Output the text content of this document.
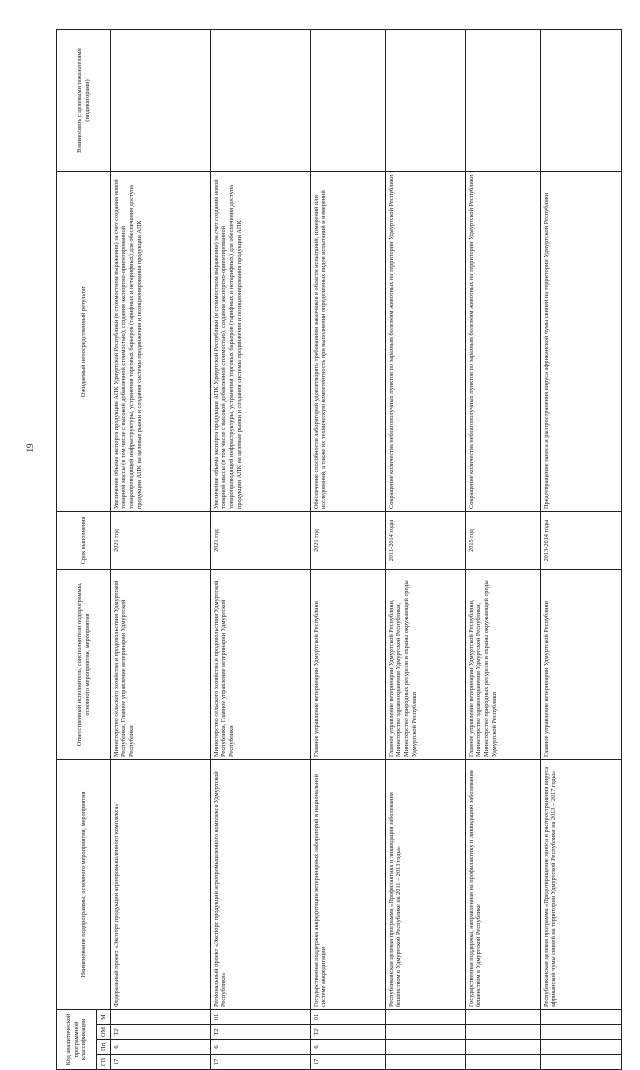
19
Код аналитической программной классификации				Наименование подпрограммы, основного мероприятия, мероприятия	Ответственный исполнитель, соисполнители подпрограммы, основного мероприятия, мероприятия	Срок выполнения	Ожидаемый непосредственный результат	Взаимосвязь с целевыми показателями (индикаторами)
ГП	Пп	ОМ	М					
17	6	Т2		Федеральный проект «Экспорт продукции агропромышленного комплекса»	Министерство сельского хозяйства и продовольствия Удмуртской Республики, Главное управление ветеринарии Удмуртской Республики	2021 год	Увеличение объема экспорта продукции АПК Удмуртской Республики (в стоимостном выражении) за счет создания новой товарной массы (в том числе с высокой добавленной стоимостью), создания экспортно-ориентированной товаропроводящей инфраструктуры, устранения торговых барьеров (тарифных и нетарифных) для обеспечения доступа продукции АПК на целевые рынки и создания системы продвижения и позиционирования продукции АПК	
17	6	Т2	01	Региональный проект «Экспорт продукции агропромышленного комплекса Удмуртской Республики»	Министерство сельского хозяйства и продовольствия Удмуртской Республики, Главное управление ветеринарии Удмуртской Республики	2021 год	Увеличение объема экспорта продукции АПК Удмуртской Республики (в стоимостном выражении) за счет создания новой товарной массы (в том числе с высокой добавленной стоимостью), создания экспортно-ориентированной товаропроводящей инфраструктуры, устранения торговых барьеров (тарифных и нетарифных) для обеспечения доступа продукции АПК на целевые рынки и создания системы продвижения и позиционирования продукции АПК	
17	6	Т2	01	Государственная поддержка аккредитации ветеринарных лабораторий в национальной системе аккредитации	Главное управление ветеринарии Удмуртской Республики	2021 год	Обеспечение способности лабораторий удовлетворять требованиям заказчиков в области испытаний, измерений или исследований, а также их техническую компетентность при выполнении определенных видов испытаний и измерений	
				Республиканская целевая программа «Профилактика и ликвидация заболевания бешенством в Удмуртской Республике на 2011 – 2013 годы»	Главное управление ветеринарии Удмуртской Республики, Министерство здравоохранения Удмуртской Республики, Министерство природных ресурсов и охраны окружающей среды Удмуртской Республики	2011-2014 годы	Сокращение количества неблагополучных пунктов по заразным болезням животных на территории Удмуртской Республики	
				Государственная поддержка, направленная на профилактику и ликвидацию заболевания бешенством в Удмуртской Республике	Главное управление ветеринарии Удмуртской Республики, Министерство здравоохранения Удмуртской Республики, Министерство природных ресурсов и охраны окружающей среды Удмуртской Республики	2015 год	Сокращение количества неблагополучных пунктов по заразным болезням животных на территории Удмуртской Республики	
				Республиканская целевая программа «Предотвращение заноса и распространения вируса африканской чумы свиней на территории Удмуртской Республики на 2013 – 2017 годы»	Главное управление ветеринарии Удмуртской Республики	2013-2014 годы	Предотвращение заноса и распространения вируса африканской чумы свиней на территории Удмуртской Республики	
